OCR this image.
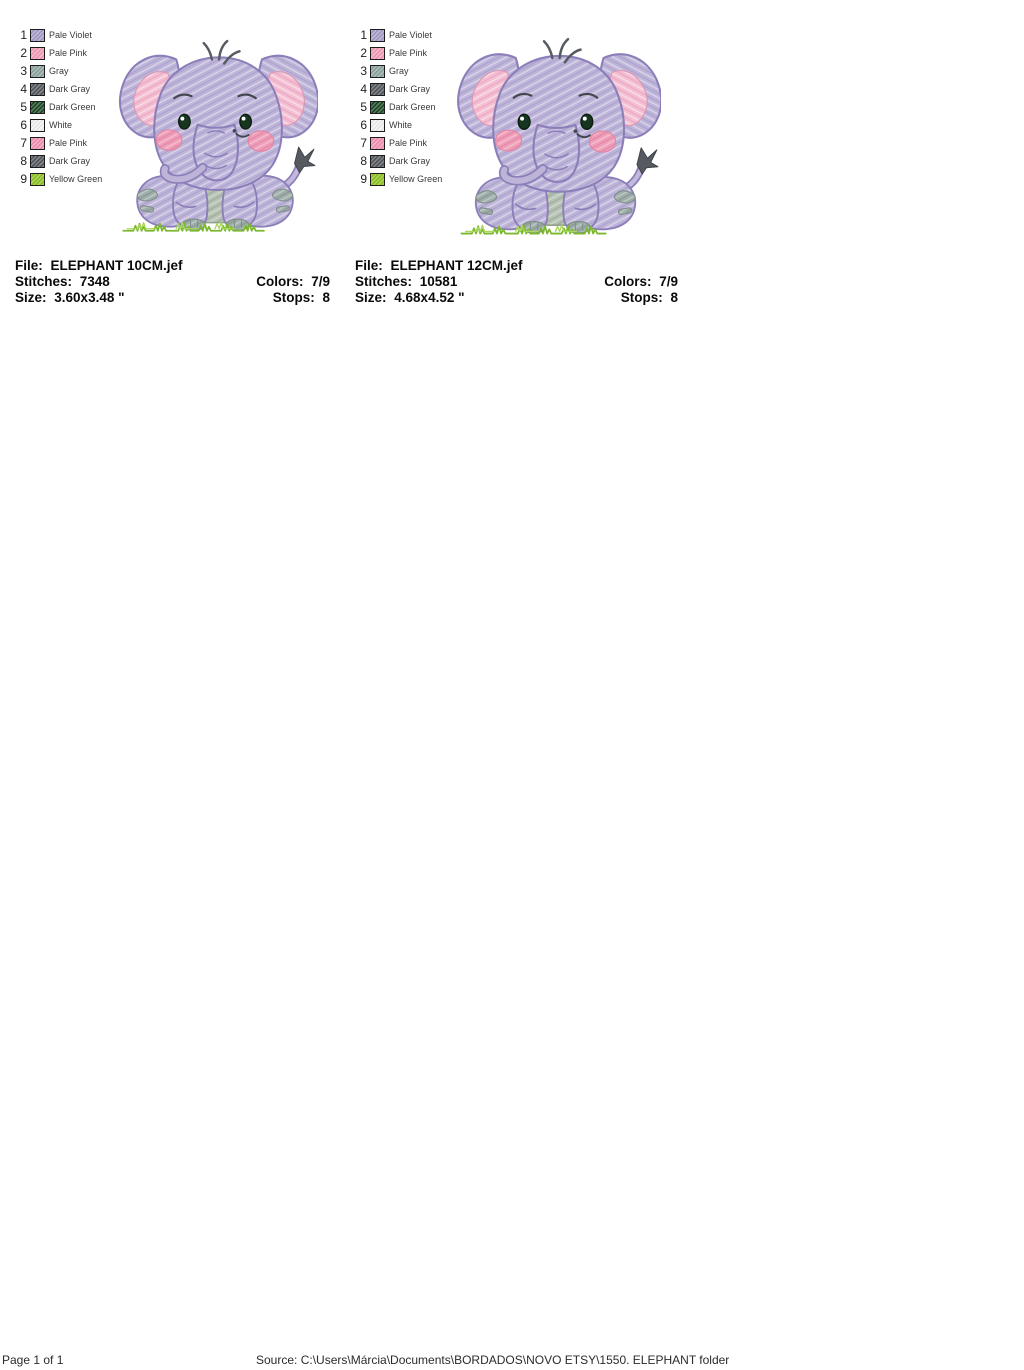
1 Pale Violet
2 Pale Pink
3 Gray
4 Dark Gray
5 Dark Green
6 White
7 Pale Pink
8 Dark Gray
9 Yellow Green
File: ELEPHANT 10CM.jef
Stitches: 7348	Colors: 7/9
Size: 3.60x3.48 "	Stops: 8
1 Pale Violet
2 Pale Pink
3 Gray
4 Dark Gray
5 Dark Green
6 White
7 Pale Pink
8 Dark Gray
9 Yellow Green
File: ELEPHANT 12CM.jef
Stitches: 10581	Colors: 7/9
Size: 4.68x4.52 "	Stops: 8
Page 1 of 1	Source: C:\Users\Márcia\Documents\BORDADOS\NOVO ETSY\1550. ELEPHANT folder
